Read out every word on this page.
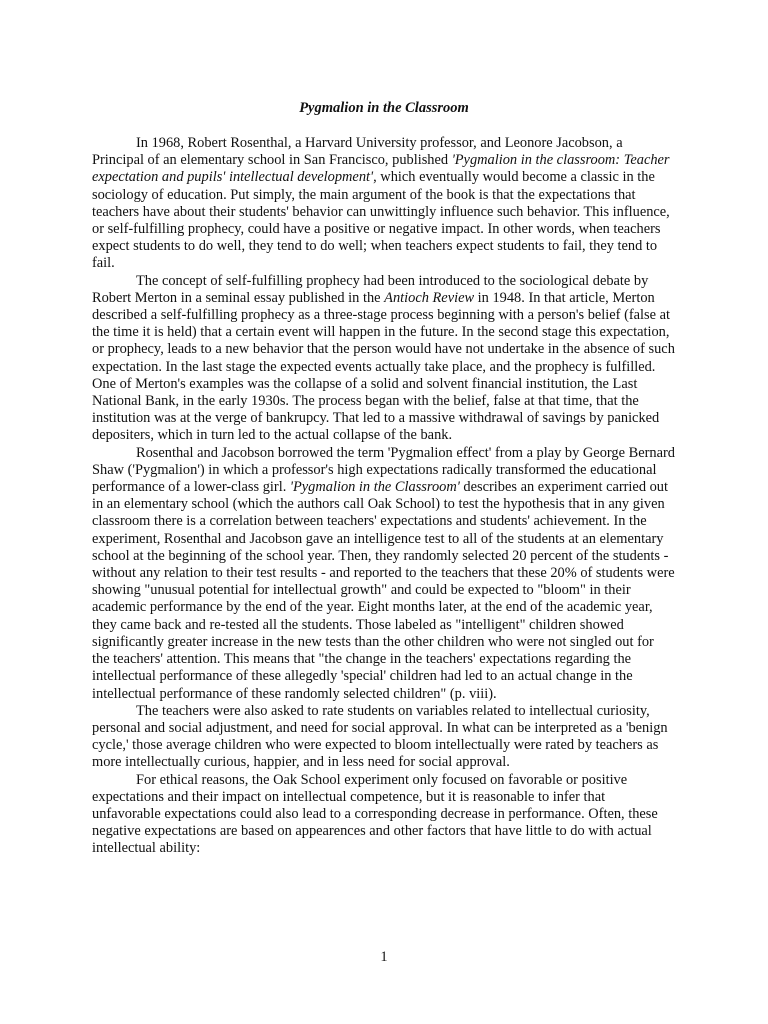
Pygmalion in the Classroom

In 1968, Robert Rosenthal, a Harvard University professor, and Leonore Jacobson, a Principal of an elementary school in San Francisco, published 'Pygmalion in the classroom: Teacher expectation and pupils' intellectual development', which eventually would become a classic in the sociology of education. Put simply, the main argument of the book is that the expectations that teachers have about their students' behavior can unwittingly influence such behavior. This influence, or self-fulfilling prophecy, could have a positive or negative impact. In other words, when teachers expect students to do well, they tend to do well; when teachers expect students to fail, they tend to fail.

The concept of self-fulfilling prophecy had been introduced to the sociological debate by Robert Merton in a seminal essay published in the Antioch Review in 1948. In that article, Merton described a self-fulfilling prophecy as a three-stage process beginning with a person's belief (false at the time it is held) that a certain event will happen in the future. In the second stage this expectation, or prophecy, leads to a new behavior that the person would have not undertake in the absence of such expectation. In the last stage the expected events actually take place, and the prophecy is fulfilled. One of Merton's examples was the collapse of a solid and solvent financial institution, the Last National Bank, in the early 1930s. The process began with the belief, false at that time, that the institution was at the verge of bankrupcy. That led to a massive withdrawal of savings by panicked depositers, which in turn led to the actual collapse of the bank.

Rosenthal and Jacobson borrowed the term 'Pygmalion effect' from a play by George Bernard Shaw ('Pygmalion') in which a professor's high expectations radically transformed the educational performance of a lower-class girl. 'Pygmalion in the Classroom' describes an experiment carried out in an elementary school (which the authors call Oak School) to test the hypothesis that in any given classroom there is a correlation between teachers' expectations and students' achievement. In the experiment, Rosenthal and Jacobson gave an intelligence test to all of the students at an elementary school at the beginning of the school year. Then, they randomly selected 20 percent of the students - without any relation to their test results - and reported to the teachers that these 20% of students were showing "unusual potential for intellectual growth" and could be expected to "bloom" in their academic performance by the end of the year. Eight months later, at the end of the academic year, they came back and re-tested all the students. Those labeled as "intelligent" children showed significantly greater increase in the new tests than the other children who were not singled out for the teachers' attention. This means that "the change in the teachers' expectations regarding the intellectual performance of these allegedly 'special' children had led to an actual change in the intellectual performance of these randomly selected children" (p. viii).

The teachers were also asked to rate students on variables related to intellectual curiosity, personal and social adjustment, and need for social approval. In what can be interpreted as a 'benign cycle,' those average children who were expected to bloom intellectually were rated by teachers as more intellectually curious, happier, and in less need for social approval.

For ethical reasons, the Oak School experiment only focused on favorable or positive expectations and their impact on intellectual competence, but it is reasonable to infer that unfavorable expectations could also lead to a corresponding decrease in performance. Often, these negative expectations are based on appearences and other factors that have little to do with actual intellectual ability:

1
